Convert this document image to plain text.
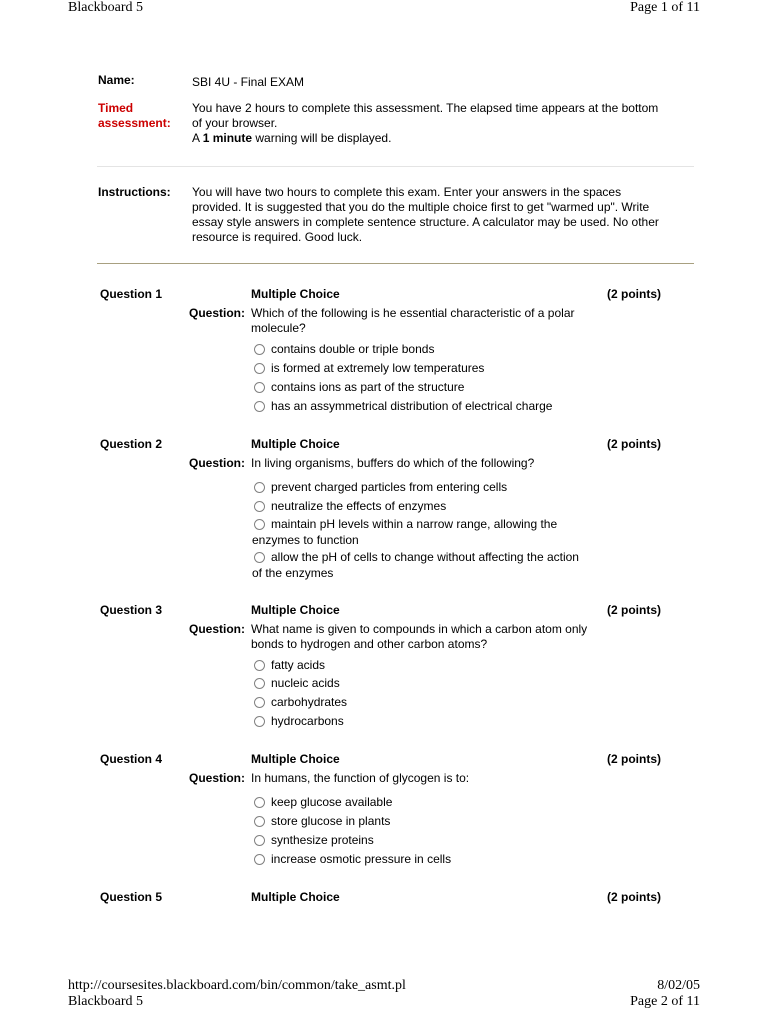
Blackboard 5	Page 1 of 11
Name:	SBI 4U - Final EXAM
Timed
assessment:
You have 2 hours to complete this assessment. The elapsed time appears at the bottom
of your browser.
A 1 minute warning will be displayed.
Instructions: You will have two hours to complete this exam. Enter your answers in the spaces
provided. It is suggested that you do the multiple choice first to get "warmed up". Write
essay style answers in complete sentence structure. A calculator may be used. No other
resource is required. Good luck.
Question 1	Multiple Choice	(2 points)
Question: Which of the following is he essential characteristic of a polar
molecule?
contains double or triple bonds
is formed at extremely low temperatures
contains ions as part of the structure
has an assymmetrical distribution of electrical charge
Question 2	Multiple Choice	(2 points)
Question: In living organisms, buffers do which of the following?
prevent charged particles from entering cells
neutralize the effects of enzymes
maintain pH levels within a narrow range, allowing the
enzymes to function
allow the pH of cells to change without affecting the action
of the enzymes
Question 3	Multiple Choice	(2 points)
Question: What name is given to compounds in which a carbon atom only
bonds to hydrogen and other carbon atoms?
fatty acids
nucleic acids
carbohydrates
hydrocarbons
Question 4	Multiple Choice	(2 points)
Question: In humans, the function of glycogen is to:
keep glucose available
store glucose in plants
synthesize proteins
increase osmotic pressure in cells
Question 5	Multiple Choice	(2 points)
http://coursesites.blackboard.com/bin/common/take_asmt.pl	8/02/05
Blackboard 5	Page 2 of 11
